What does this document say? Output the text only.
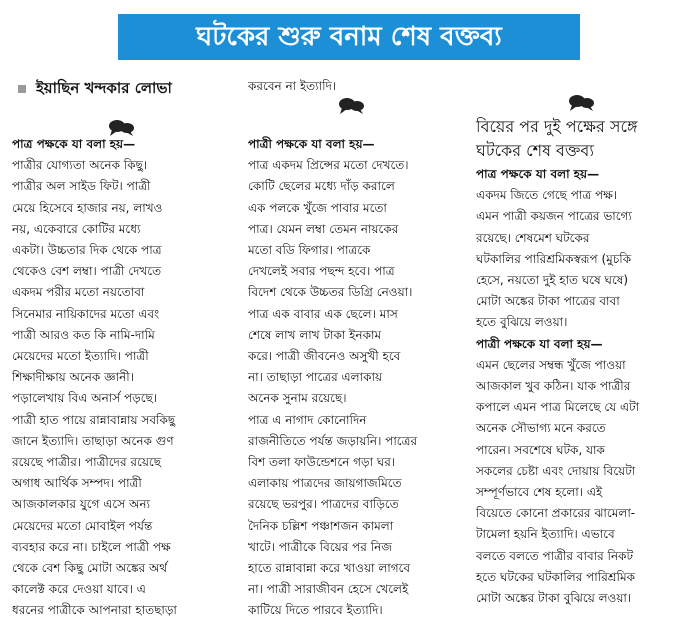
ঘটকের শুরু বনাম শেষ বক্তব্য
ইয়াছিন খন্দকার লোভা

পাত্র পক্ষকে যা বলা হয়—

পাত্রীর যোগ্যতা অনেক কিছু।

পাত্রীর অল সাইড ফিট। পাত্রী

মেয়ে হিসেবে হাজার নয়, লাখও

নয়, একেবারে কোটির মধ্যে

একটা। উচ্চতার দিক থেকে পাত্র

থেকেও বেশ লম্বা। পাত্রী দেখতে

একদম পরীর মতো নয়তোবা

সিনেমার নায়িকাদের মতো এবং

পাত্রী আরও কত কি নামি-দামি

মেয়েদের মতো ইত্যাদি। পাত্রী

শিক্ষাদীক্ষায় অনেক জ্ঞানী।

পড়ালেখায় বিএ অনার্স পড়ছে।

পাত্রী হাত পায়ে রান্নাবান্নায় সবকিছু

জানে ইত্যাদি। তাছাড়া অনেক গুণ

রয়েছে পাত্রীর। পাত্রীদের রয়েছে

অগাধ আর্থিক সম্পদ। পাত্রী

আজকালকার যুগে এসে অন্য

মেয়েদের মতো মোবাইল পর্যন্ত

ব্যবহার করে না। চাইলে পাত্রী পক্ষ

থেকে বেশ কিছু মোটা অঙ্কের অর্থ

কালেক্ট করে দেওয়া যাবে। এ

ধরনের পাত্রীকে আপনারা হাতছাড়া

করবেন না ইত্যাদি।

পাত্রী পক্ষকে যা বলা হয়—

পাত্র একদম প্রিন্সের মতো দেখতে।

কোটি ছেলের মধ্যে দাঁড় করালে

এক পলকে খুঁজে পাবার মতো

পাত্র। যেমন লম্বা তেমন নায়কের

মতো বডি ফিগার। পাত্রকে

দেখলেই সবার পছন্দ হবে। পাত্র

বিদেশ থেকে উচ্চতর ডিগ্রি নেওয়া।

পাত্র এক বাবার এক ছেলে। মাস

শেষে লাখ লাখ টাকা ইনকাম

করে। পাত্রী জীবনেও অসুখী হবে

না। তাছাড়া পাত্রের এলাকায়

অনেক সুনাম রয়েছে।

পাত্র এ নাগাদ কোনোদিন

রাজনীতিতে পর্যন্ত জড়ায়নি। পাত্রের

বিশ তলা ফাউন্ডেশনে গড়া ঘর।

এলাকায় পাত্রদের জায়গাজমিতে

রয়েছে ভরপুর। পাত্রদের বাড়িতে

দৈনিক চল্লিশ পঞ্চাশজন কামলা

খাটে। পাত্রীকে বিয়ের পর নিজ

হাতে রান্নাবান্না করে খাওয়া লাগবে

না। পাত্রী সারাজীবন হেসে খেলেই

কাটিয়ে দিতে পারবে ইত্যাদি।

বিয়ের পর দুই পক্ষের সঙ্গে

ঘটকের শেষ বক্তব্য

পাত্র পক্ষকে যা বলা হয়—

একদম জিতে গেছে পাত্র পক্ষ।

এমন পাত্রী কয়জন পাত্রের ভাগ্যে

রয়েছে। শেষমেশ ঘটকের

ঘটকালির পারিশ্রমিকস্বরূপ (মুচকি

হেসে, নয়তো দুই হাত ঘষে ঘষে)

মোটা অঙ্কের টাকা পাত্রের বাবা

হতে বুঝিয়ে লওয়া।

পাত্রী পক্ষকে যা বলা হয়—

এমন ছেলের সম্বন্ধ খুঁজে পাওয়া

আজকাল খুব কঠিন। যাক পাত্রীর

কপালে এমন পাত্র মিলেছে যে এটা

অনেক সৌভাগ্য মনে করতে

পারেন। সবশেষে ঘটক, যাক

সকলের চেষ্টা এবং দোয়ায় বিয়েটা

সম্পূর্ণভাবে শেষ হলো। এই

বিয়েতে কোনো প্রকারের ঝামেলা-

টামেলা হয়নি ইত্যাদি। এভাবে

বলতে বলতে পাত্রীর বাবার নিকট

হতে ঘটকের ঘটকালির পারিশ্রমিক

মোটা অঙ্কের টাকা বুঝিয়ে লওয়া।
